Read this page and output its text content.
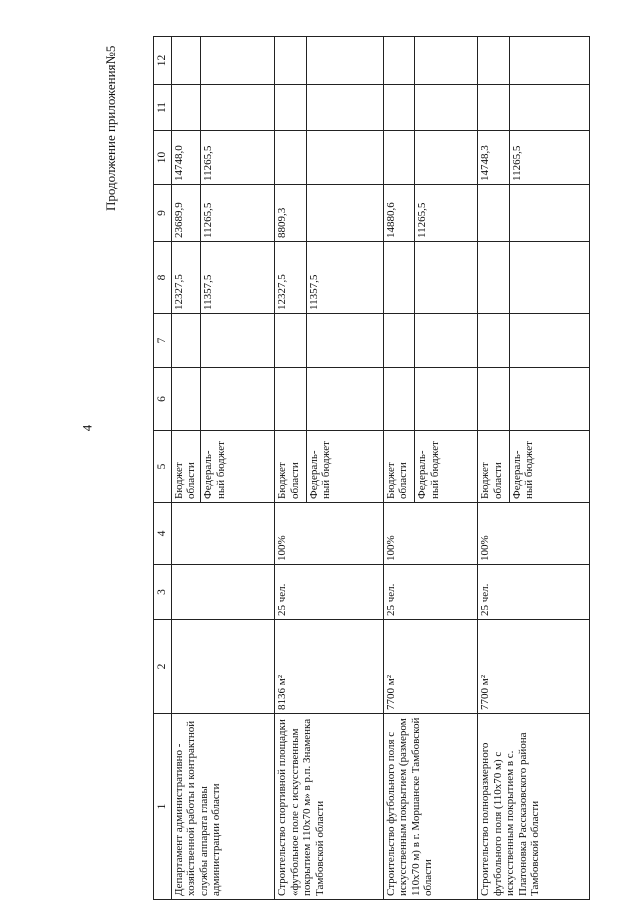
4
Продолжение приложения№5
1	2	3	4	5	6	7	8	9	10	11	12
Департамент административно - хозяйственной работы и контрактной службы аппарата главы администрации области				Бюджет области			12327,5	23689,9	14748,0		
				Федераль-ный бюджет			11357,5	11265,5	11265,5		
Строительство спортивной площадки «футбольное поле с искусственным покрытием 110х70 м» в р.п. Знаменка Тамбовской области	8136 м²	25 чел.	100%	Бюджет области			12327,5	8809,3			
				Федераль-ный бюджет			11357,5				
Строительство футбольного поля с искусственным покрытием (размером 110х70 м) в г. Моршанске Тамбовской области	7700 м²	25 чел.	100%	Бюджет области				14880,6			
				Федераль-ный бюджет				11265,5			
Строительство полноразмерного футбольного поля (110х70 м) с искусственным покрытием в с. Платоновка Рассказовского района Тамбовской области	7700 м²	25 чел.	100%	Бюджет области					14748,3		
				Федераль-ный бюджет					11265,5		
